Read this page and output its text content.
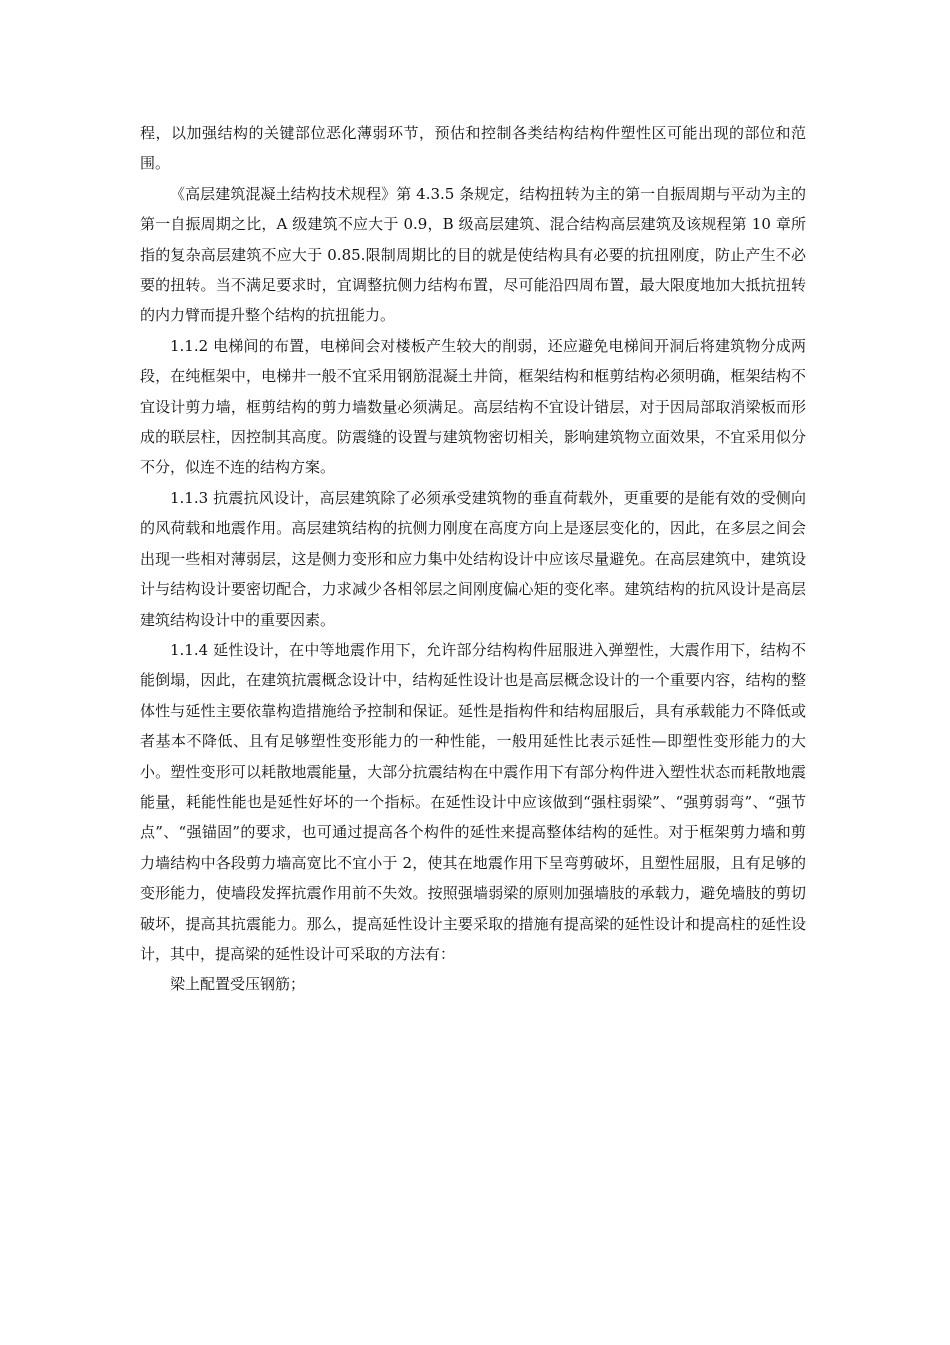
程，以加强结构的关键部位恶化薄弱环节，预估和控制各类结构结构件塑性区可能出现的部位和范围。

《高层建筑混凝土结构技术规程》第 4.3.5 条规定，结构扭转为主的第一自振周期与平动为主的第一自振周期之比，A 级建筑不应大于 0.9，B 级高层建筑、混合结构高层建筑及该规程第 10 章所指的复杂高层建筑不应大于 0.85.限制周期比的目的就是使结构具有必要的抗扭刚度，防止产生不必要的扭转。当不满足要求时，宜调整抗侧力结构布置，尽可能沿四周布置，最大限度地加大抵抗扭转的内力臂而提升整个结构的抗扭能力。

1.1.2 电梯间的布置，电梯间会对楼板产生较大的削弱，还应避免电梯间开洞后将建筑物分成两段，在纯框架中，电梯井一般不宜采用钢筋混凝土井筒，框架结构和框剪结构必须明确，框架结构不宜设计剪力墙，框剪结构的剪力墙数量必须满足。高层结构不宜设计错层，对于因局部取消梁板而形成的联层柱，因控制其高度。防震缝的设置与建筑物密切相关，影响建筑物立面效果，不宜采用似分不分，似连不连的结构方案。

1.1.3 抗震抗风设计，高层建筑除了必须承受建筑物的垂直荷载外，更重要的是能有效的受侧向的风荷载和地震作用。高层建筑结构的抗侧力刚度在高度方向上是逐层变化的，因此，在多层之间会出现一些相对薄弱层，这是侧力变形和应力集中处结构设计中应该尽量避免。在高层建筑中，建筑设计与结构设计要密切配合，力求减少各相邻层之间刚度偏心矩的变化率。建筑结构的抗风设计是高层建筑结构设计中的重要因素。

1.1.4 延性设计，在中等地震作用下，允许部分结构构件屈服进入弹塑性，大震作用下，结构不能倒塌，因此，在建筑抗震概念设计中，结构延性设计也是高层概念设计的一个重要内容，结构的整体性与延性主要依靠构造措施给予控制和保证。延性是指构件和结构屈服后，具有承载能力不降低或者基本不降低、且有足够塑性变形能力的一种性能，一般用延性比表示延性—即塑性变形能力的大小。塑性变形可以耗散地震能量，大部分抗震结构在中震作用下有部分构件进入塑性状态而耗散地震能量，耗能性能也是延性好坏的一个指标。在延性设计中应该做到“强柱弱梁”、“强剪弱弯”、“强节点”、“强锚固”的要求，也可通过提高各个构件的延性来提高整体结构的延性。对于框架剪力墙和剪力墙结构中各段剪力墙高宽比不宜小于 2，使其在地震作用下呈弯剪破坏，且塑性屈服，且有足够的变形能力，使墙段发挥抗震作用前不失效。按照强墙弱梁的原则加强墙肢的承载力，避免墙肢的剪切破坏，提高其抗震能力。那么，提高延性设计主要采取的措施有提高梁的延性设计和提高柱的延性设计，其中，提高梁的延性设计可采取的方法有：

梁上配置受压钢筋；
